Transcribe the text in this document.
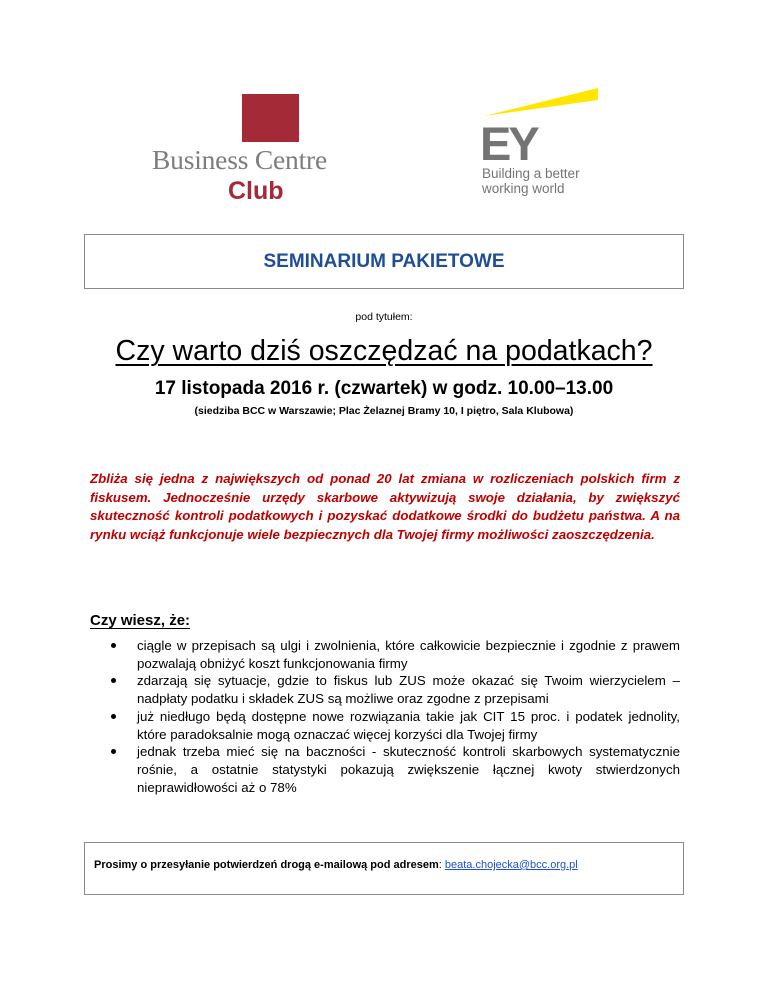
Business Centre
Club
EY
Building a better working world
SEMINARIUM PAKIETOWE
pod tytułem:
Czy warto dziś oszczędzać na podatkach?
17 listopada 2016 r. (czwartek) w godz. 10.00–13.00
(siedziba BCC w Warszawie; Plac Żelaznej Bramy 10, I piętro, Sala Klubowa)
Zbliża się jedna z największych od ponad 20 lat zmiana w rozliczeniach polskich firm z fiskusem. Jednocześnie urzędy skarbowe aktywizują swoje działania, by zwiększyć skuteczność kontroli podatkowych i pozyskać dodatkowe środki do budżetu państwa. A na rynku wciąż funkcjonuje wiele bezpiecznych dla Twojej firmy możliwości zaoszczędzenia.
Czy wiesz, że:
ciągle w przepisach są ulgi i zwolnienia, które całkowicie bezpiecznie i zgodnie z prawem pozwalają obniżyć koszt funkcjonowania firmy
zdarzają się sytuacje, gdzie to fiskus lub ZUS może okazać się Twoim wierzycielem – nadpłaty podatku i składek ZUS są możliwe oraz zgodne z przepisami
już niedługo będą dostępne nowe rozwiązania takie jak CIT 15 proc. i podatek jednolity, które paradoksalnie mogą oznaczać więcej korzyści dla Twojej firmy
jednak trzeba mieć się na baczności - skuteczność kontroli skarbowych systematycznie rośnie, a ostatnie statystyki pokazują zwiększenie łącznej kwoty stwierdzonych nieprawidłowości aż o 78%
Prosimy o przesyłanie potwierdzeń drogą e-mailową pod adresem: beata.chojecka@bcc.org.pl
